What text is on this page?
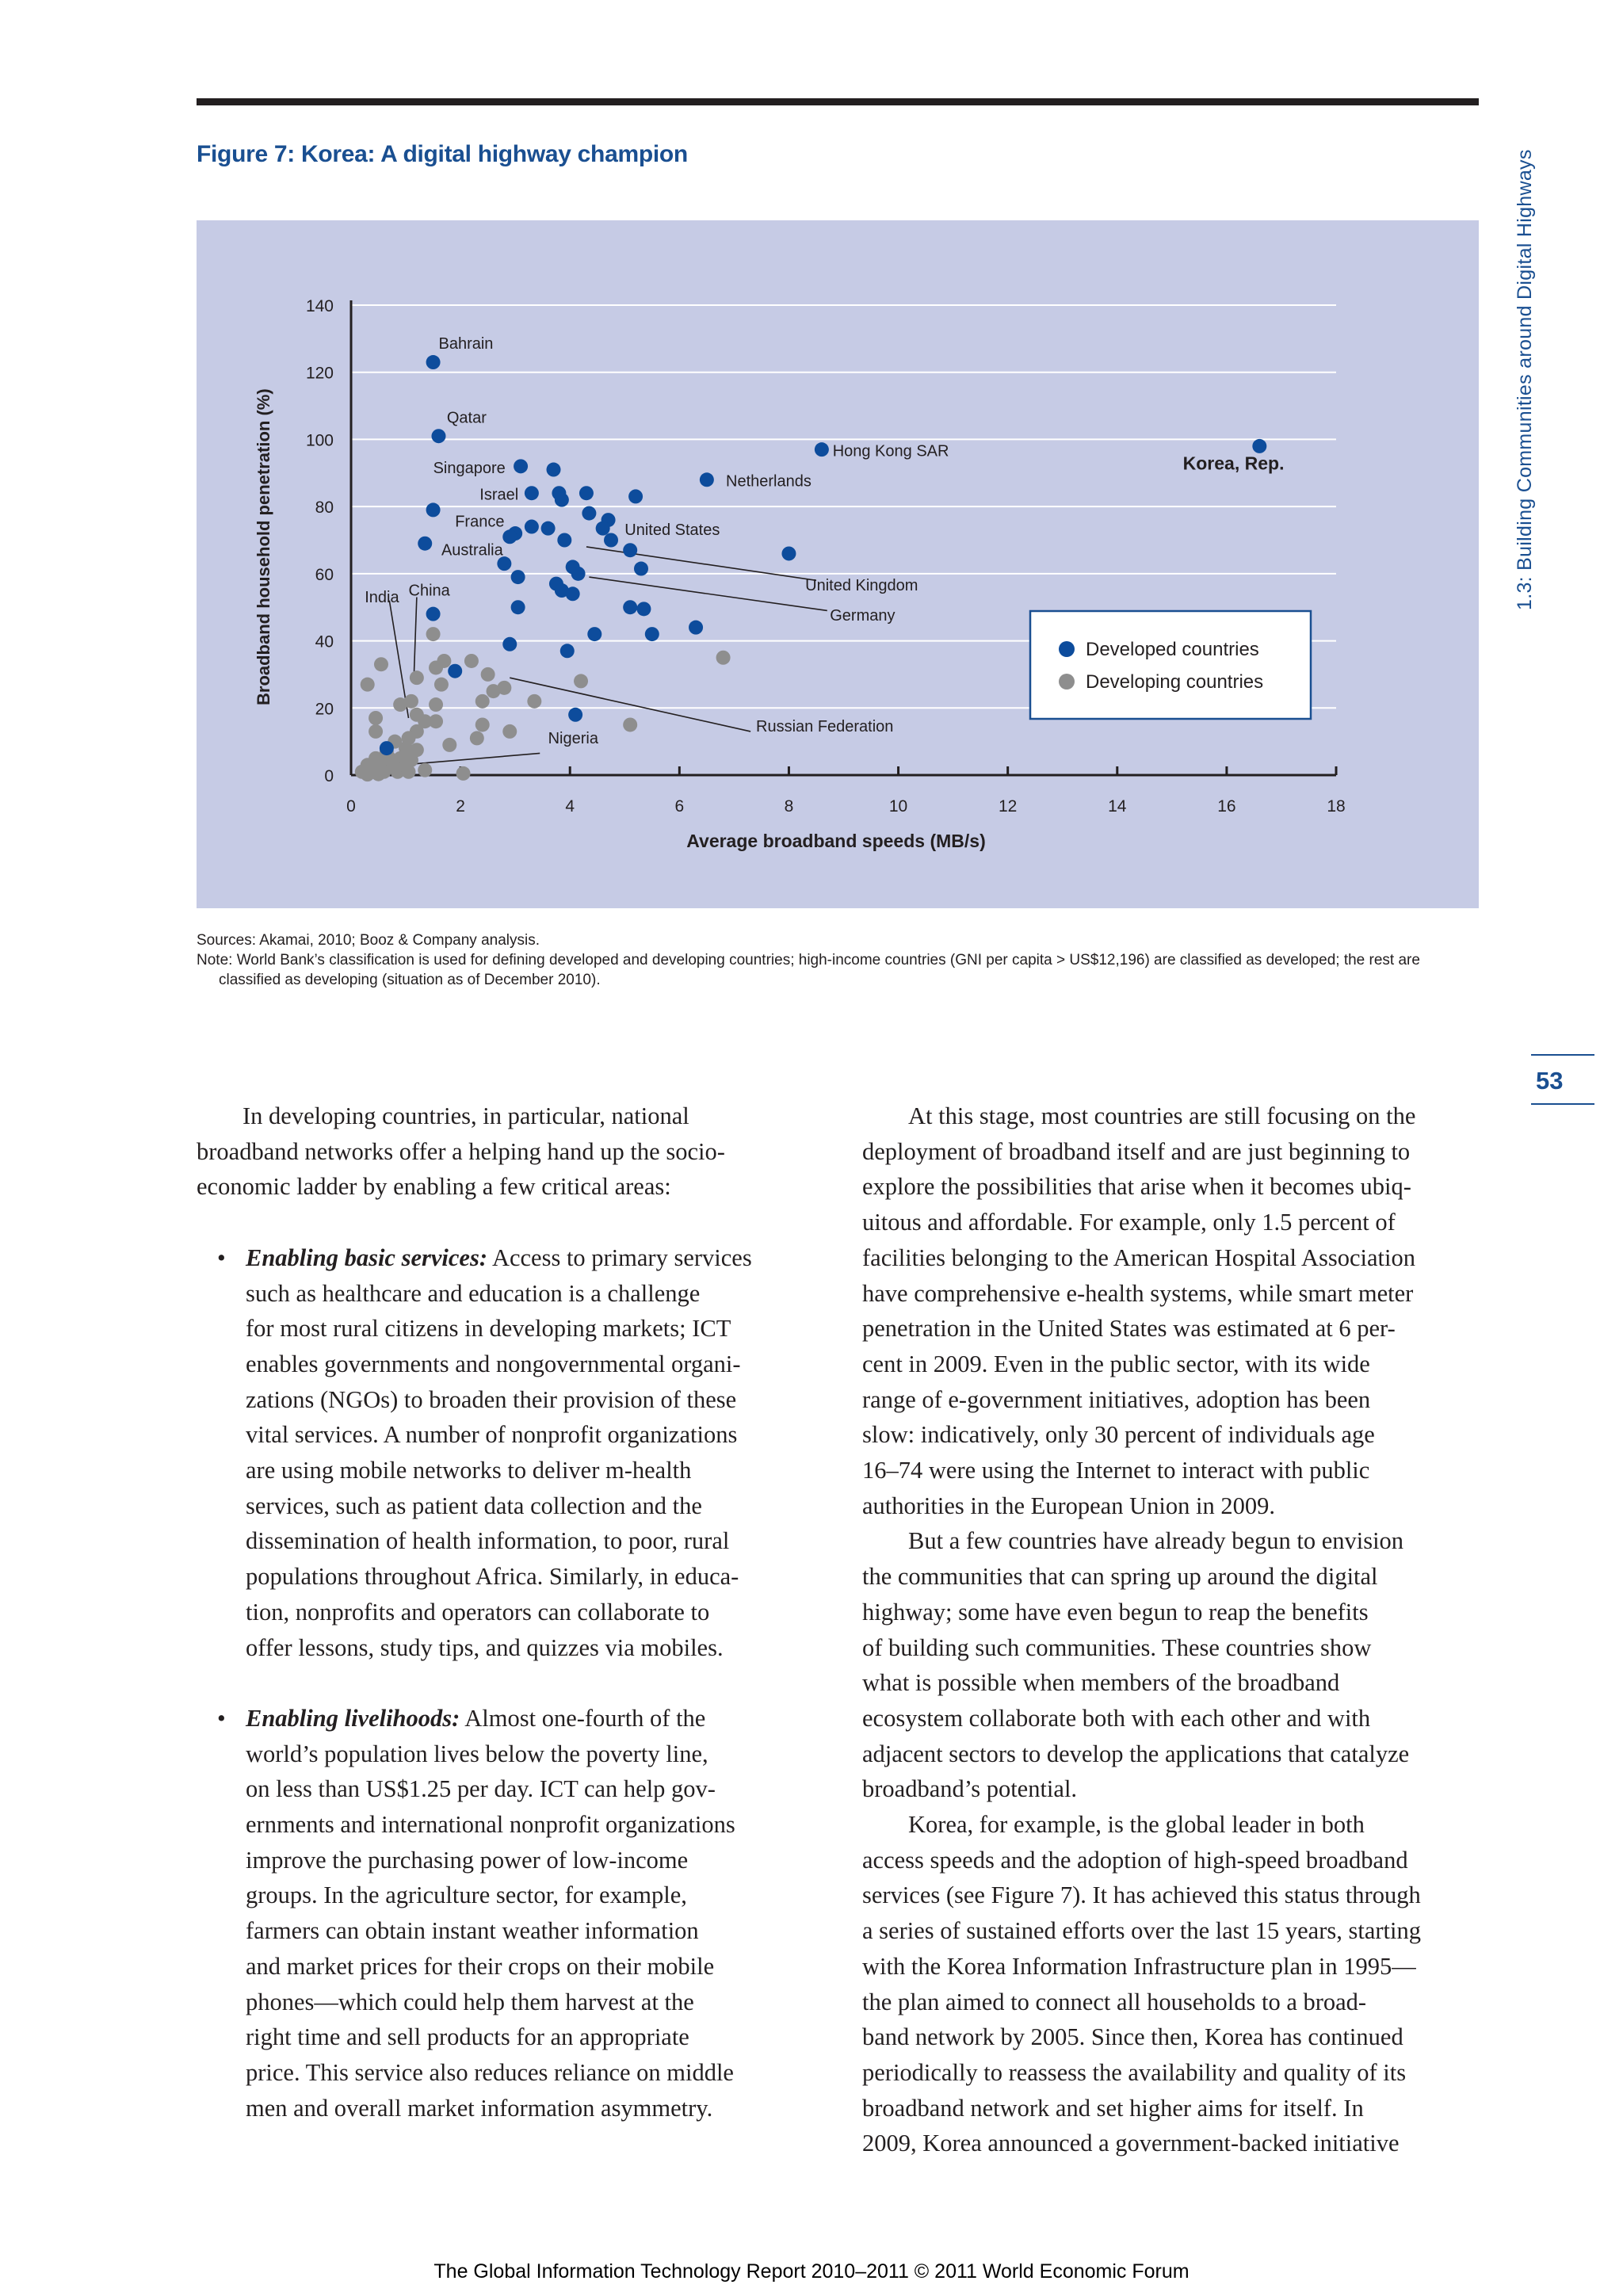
Figure 7: Korea: A digital highway champion
0
20
40
60
80
100
120
140
0	2	4	6	8	10	12	14	16	18
Bahrain
Qatar
Hong Kong SAR
Netherlands
Korea, Rep.
Singapore
Israel
France
Australia
United States
United Kingdom
Germany
India China
Russian Federation
Nigeria
Broadband household penetration (%)
Average broadband speeds (MB/s)
Developed countries
Developing countries

Sources: Akamai, 2010; Booz & Company analysis.

Note: World Bank’s classification is used for defining developed and developing countries; high-income countries (GNI per capita > US$12,196) are classified as developed; the rest are classified as developing (situation as of December 2010).

1.3: Building Communities around Digital Highways
53
In developing countries, in particular, national
broadband networks offer a helping hand up the socio-
economic ladder by enabling a few critical areas:
• Enabling basic services: Access to primary services
such as healthcare and education is a challenge
for most rural citizens in developing markets; ICT
enables governments and nongovernmental organi-
zations (NGOs) to broaden their provision of these
vital services. A number of nonprofit organizations
are using mobile networks to deliver m-health
services, such as patient data collection and the
dissemination of health information, to poor, rural
populations throughout Africa. Similarly, in educa-
tion, nonprofits and operators can collaborate to
offer lessons, study tips, and quizzes via mobiles.
• Enabling livelihoods: Almost one-fourth of the
world’s population lives below the poverty line,
on less than US$1.25 per day. ICT can help gov-
ernments and international nonprofit organizations
improve the purchasing power of low-income
groups. In the agriculture sector, for example,
farmers can obtain instant weather information
and market prices for their crops on their mobile
phones—which could help them harvest at the
right time and sell products for an appropriate
price. This service also reduces reliance on middle
men and overall market information asymmetry.
At this stage, most countries are still focusing on the
deployment of broadband itself and are just beginning to
explore the possibilities that arise when it becomes ubiq-
uitous and affordable. For example, only 1.5 percent of
facilities belonging to the American Hospital Association
have comprehensive e-health systems, while smart meter
penetration in the United States was estimated at 6 per-
cent in 2009. Even in the public sector, with its wide
range of e-government initiatives, adoption has been
slow: indicatively, only 30 percent of individuals age
16–74 were using the Internet to interact with public
authorities in the European Union in 2009.
But a few countries have already begun to envision
the communities that can spring up around the digital
highway; some have even begun to reap the benefits
of building such communities. These countries show
what is possible when members of the broadband
ecosystem collaborate both with each other and with
adjacent sectors to develop the applications that catalyze
broadband’s potential.
Korea, for example, is the global leader in both
access speeds and the adoption of high-speed broadband
services (see Figure 7). It has achieved this status through
a series of sustained efforts over the last 15 years, starting
with the Korea Information Infrastructure plan in 1995—
the plan aimed to connect all households to a broad-
band network by 2005. Since then, Korea has continued
periodically to reassess the availability and quality of its
broadband network and set higher aims for itself. In
2009, Korea announced a government-backed initiative
The Global Information Technology Report 2010–2011 © 2011 World Economic Forum
